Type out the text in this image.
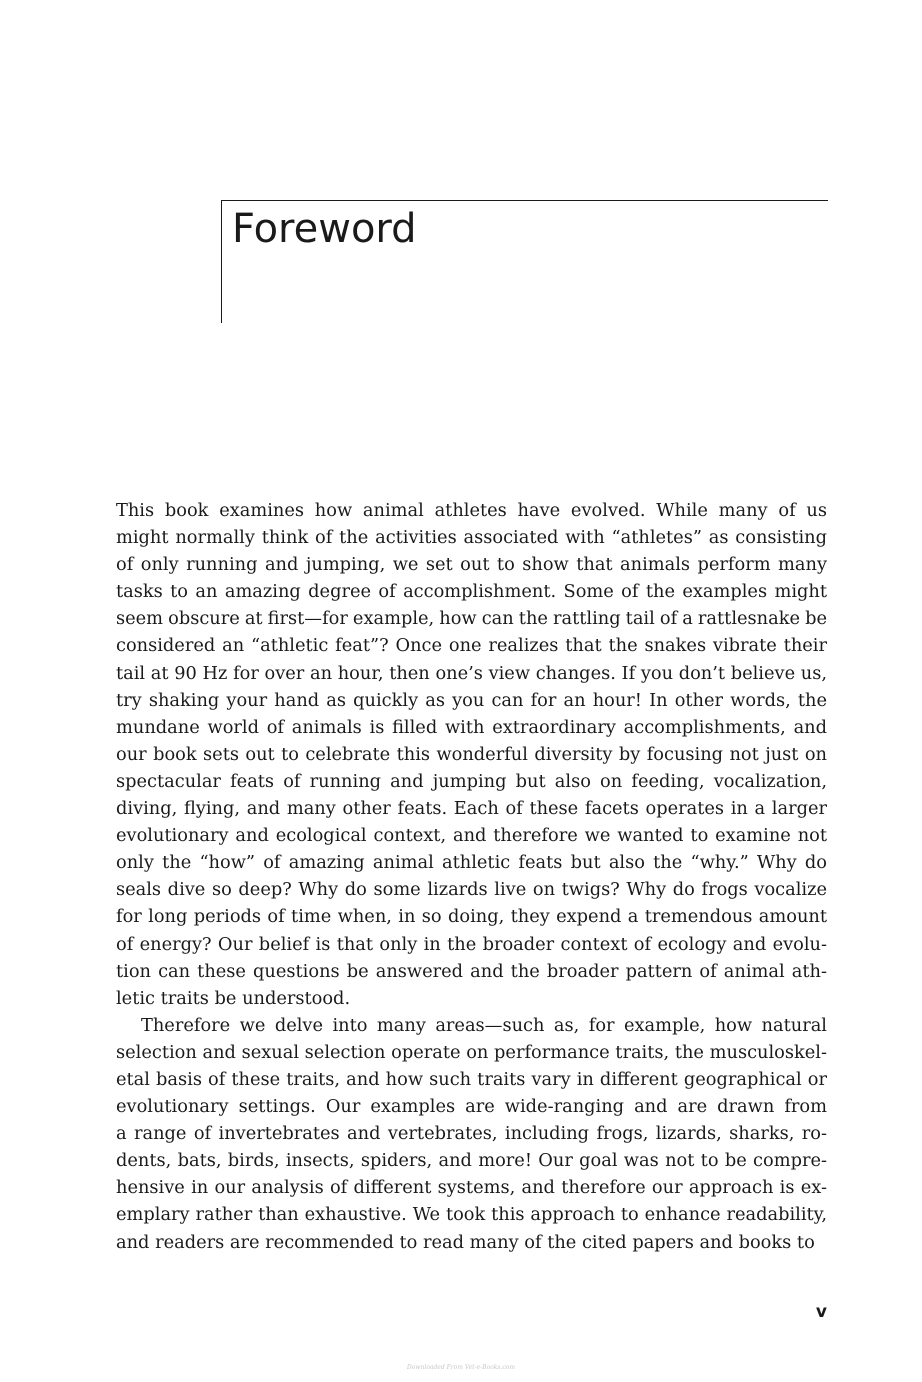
Foreword
This book examines how animal athletes have evolved. While many of us
might normally think of the activities associated with “athletes” as consisting
of only running and jumping, we set out to show that animals perform many
tasks to an amazing degree of accomplishment. Some of the examples might
seem obscure at first—for example, how can the rattling tail of a rattlesnake be
considered an “athletic feat”? Once one realizes that the snakes vibrate their
tail at 90 Hz for over an hour, then one’s view changes. If you don’t believe us,
try shaking your hand as quickly as you can for an hour! In other words, the
mundane world of animals is filled with extraordinary accomplishments, and
our book sets out to celebrate this wonderful diversity by focusing not just on
spectacular feats of running and jumping but also on feeding, vocalization,
diving, flying, and many other feats. Each of these facets operates in a larger
evolutionary and ecological context, and therefore we wanted to examine not
only the “how” of amazing animal athletic feats but also the “why.” Why do
seals dive so deep? Why do some lizards live on twigs? Why do frogs vocalize
for long periods of time when, in so doing, they expend a tremendous amount
of energy? Our belief is that only in the broader context of ecology and evolu-
tion can these questions be answered and the broader pattern of animal ath-
letic traits be understood.
Therefore we delve into many areas—such as, for example, how natural
selection and sexual selection operate on performance traits, the musculoskel-
etal basis of these traits, and how such traits vary in different geographical or
evolutionary settings. Our examples are wide-ranging and are drawn from
a range of invertebrates and vertebrates, including frogs, lizards, sharks, ro-
dents, bats, birds, insects, spiders, and more! Our goal was not to be compre-
hensive in our analysis of different systems, and therefore our approach is ex-
emplary rather than exhaustive. We took this approach to enhance readability,
and readers are recommended to read many of the cited papers and books to
v
Downloaded From Vet-e-Books.com
